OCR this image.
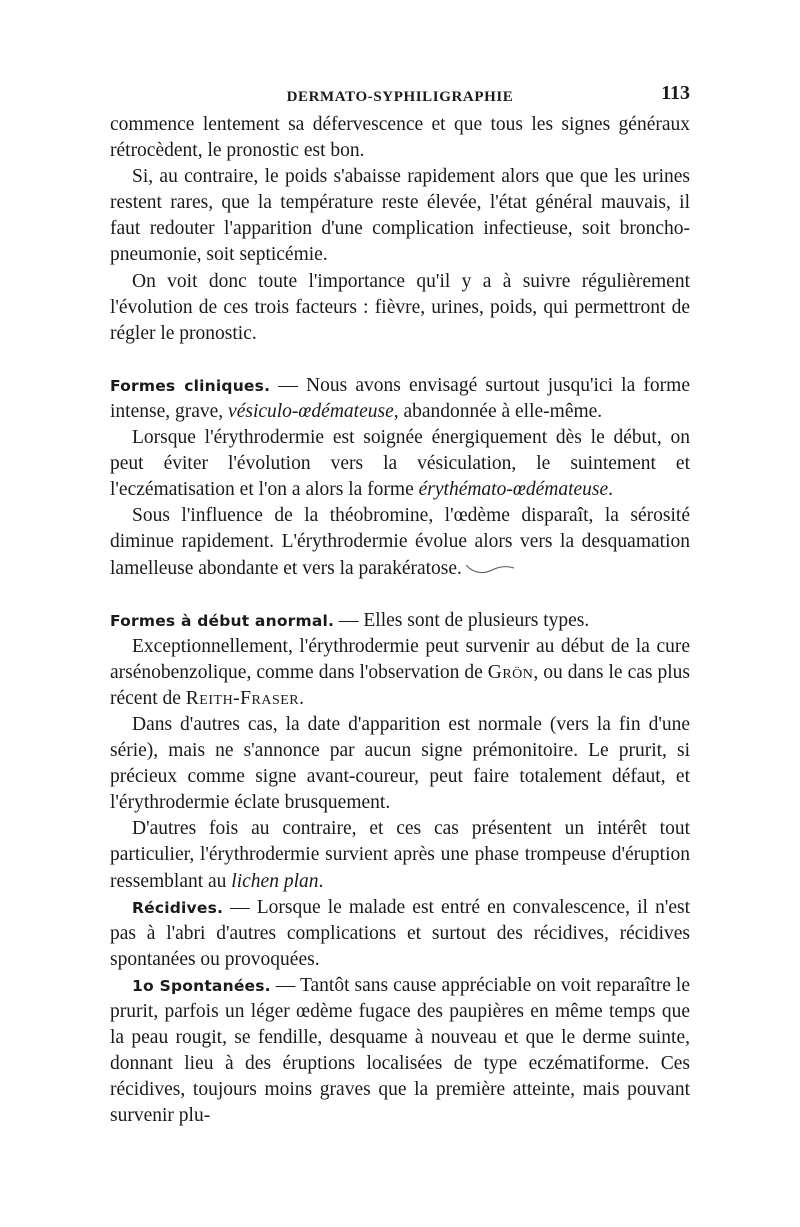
DERMATO-SYPHILIGRAPHIE	113

commence lentement sa défervescence et que tous les signes généraux rétrocèdent, le pronostic est bon.

Si, au contraire, le poids s'abaisse rapidement alors que que les urines restent rares, que la température reste élevée, l'état général mauvais, il faut redouter l'apparition d'une complication infectieuse, soit broncho-pneumonie, soit septicémie.

On voit donc toute l'importance qu'il y a à suivre régulièrement l'évolution de ces trois facteurs : fièvre, urines, poids, qui permettront de régler le pronostic.

Formes cliniques. — Nous avons envisagé surtout jusqu'ici la forme intense, grave, vésiculo-œdémateuse, abandonnée à elle-même.

Lorsque l'érythrodermie est soignée énergiquement dès le début, on peut éviter l'évolution vers la vésiculation, le suintement et l'eczématisation et l'on a alors la forme érythémato-œdémateuse.

Sous l'influence de la théobromine, l'œdème disparaît, la sérosité diminue rapidement. L'érythrodermie évolue alors vers la desquamation lamelleuse abondante et vers la parakératose.

Formes à début anormal. — Elles sont de plusieurs types.

Exceptionnellement, l'érythrodermie peut survenir au début de la cure arsénobenzolique, comme dans l'observation de Grön, ou dans le cas plus récent de Reith-Fraser.

Dans d'autres cas, la date d'apparition est normale (vers la fin d'une série), mais ne s'annonce par aucun signe prémonitoire. Le prurit, si précieux comme signe avant-coureur, peut faire totalement défaut, et l'érythrodermie éclate brusquement.

D'autres fois au contraire, et ces cas présentent un intérêt tout particulier, l'érythrodermie survient après une phase trompeuse d'éruption ressemblant au lichen plan.

Récidives. — Lorsque le malade est entré en convalescence, il n'est pas à l'abri d'autres complications et surtout des récidives, récidives spontanées ou provoquées.

1o Spontanées. — Tantôt sans cause appréciable on voit reparaître le prurit, parfois un léger œdème fugace des paupières en même temps que la peau rougit, se fendille, desquame à nouveau et que le derme suinte, donnant lieu à des éruptions localisées de type eczématiforme. Ces récidives, toujours moins graves que la première atteinte, mais pouvant survenir plu-
